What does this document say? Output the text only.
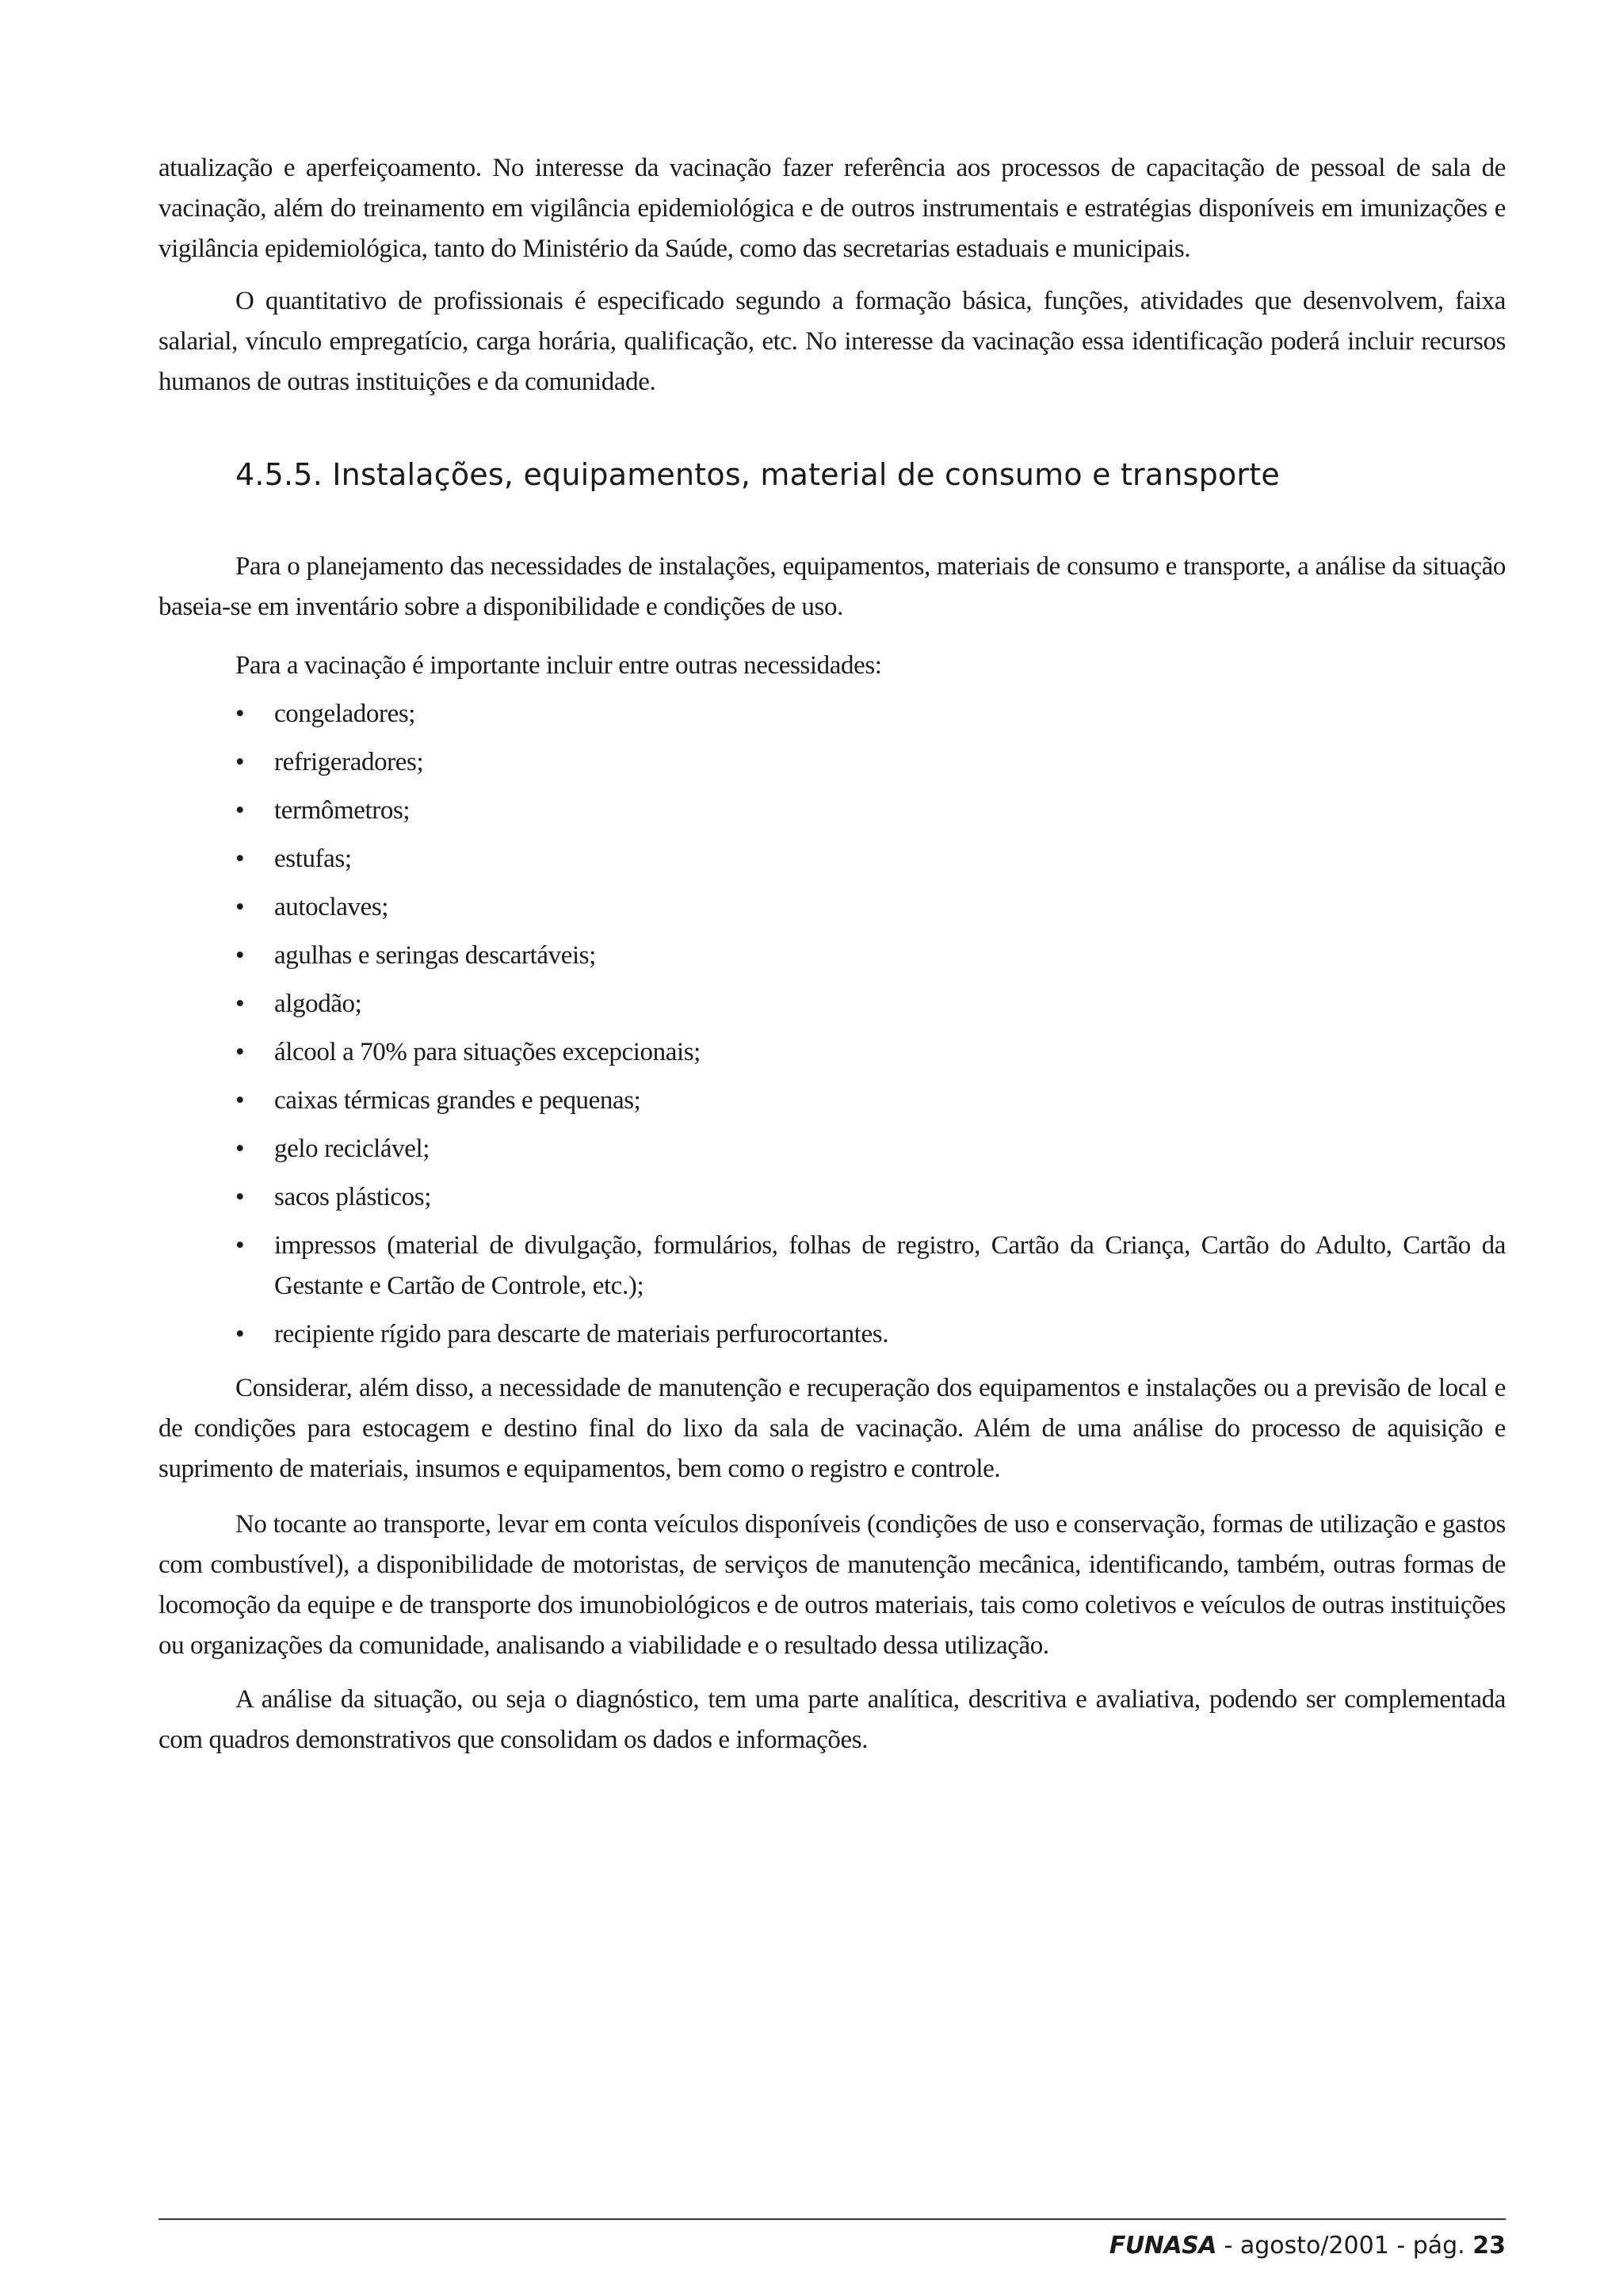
atualização e aperfeiçoamento. No interesse da vacinação fazer referência aos processos de capacitação de pessoal de sala de vacinação, além do treinamento em vigilância epidemiológica e de outros instrumentais e estratégias disponíveis em imunizações e vigilância epidemiológica, tanto do Ministério da Saúde, como das secretarias estaduais e municipais.

O quantitativo de profissionais é especificado segundo a formação básica, funções, atividades que desenvolvem, faixa salarial, vínculo empregatício, carga horária, qualificação, etc. No interesse da vacinação essa identificação poderá incluir recursos humanos de outras instituições e da comunidade.

4.5.5. Instalações, equipamentos, material de consumo e transporte

Para o planejamento das necessidades de instalações, equipamentos, materiais de consumo e transporte, a análise da situação baseia-se em inventário sobre a disponibilidade e condições de uso.

Para a vacinação é importante incluir entre outras necessidades:

• congeladores;
• refrigeradores;
• termômetros;
• estufas;
• autoclaves;
• agulhas e seringas descartáveis;
• algodão;
• álcool a 70% para situações excepcionais;
• caixas térmicas grandes e pequenas;
• gelo reciclável;
• sacos plásticos;
• impressos (material de divulgação, formulários, folhas de registro, Cartão da Criança, Cartão do Adulto, Cartão da Gestante e Cartão de Controle, etc.);
• recipiente rígido para descarte de materiais perfurocortantes.

Considerar, além disso, a necessidade de manutenção e recuperação dos equipamentos e instalações ou a previsão de local e de condições para estocagem e destino final do lixo da sala de vacinação. Além de uma análise do processo de aquisição e suprimento de materiais, insumos e equipamentos, bem como o registro e controle.

No tocante ao transporte, levar em conta veículos disponíveis (condições de uso e conservação, formas de utilização e gastos com combustível), a disponibilidade de motoristas, de serviços de manutenção mecânica, identificando, também, outras formas de locomoção da equipe e de transporte dos imunobiológicos e de outros materiais, tais como coletivos e veículos de outras instituições ou organizações da comunidade, analisando a viabilidade e o resultado dessa utilização.

A análise da situação, ou seja o diagnóstico, tem uma parte analítica, descritiva e avaliativa, podendo ser complementada com quadros demonstrativos que consolidam os dados e informações.

FUNASA - agosto/2001 - pág. 23
